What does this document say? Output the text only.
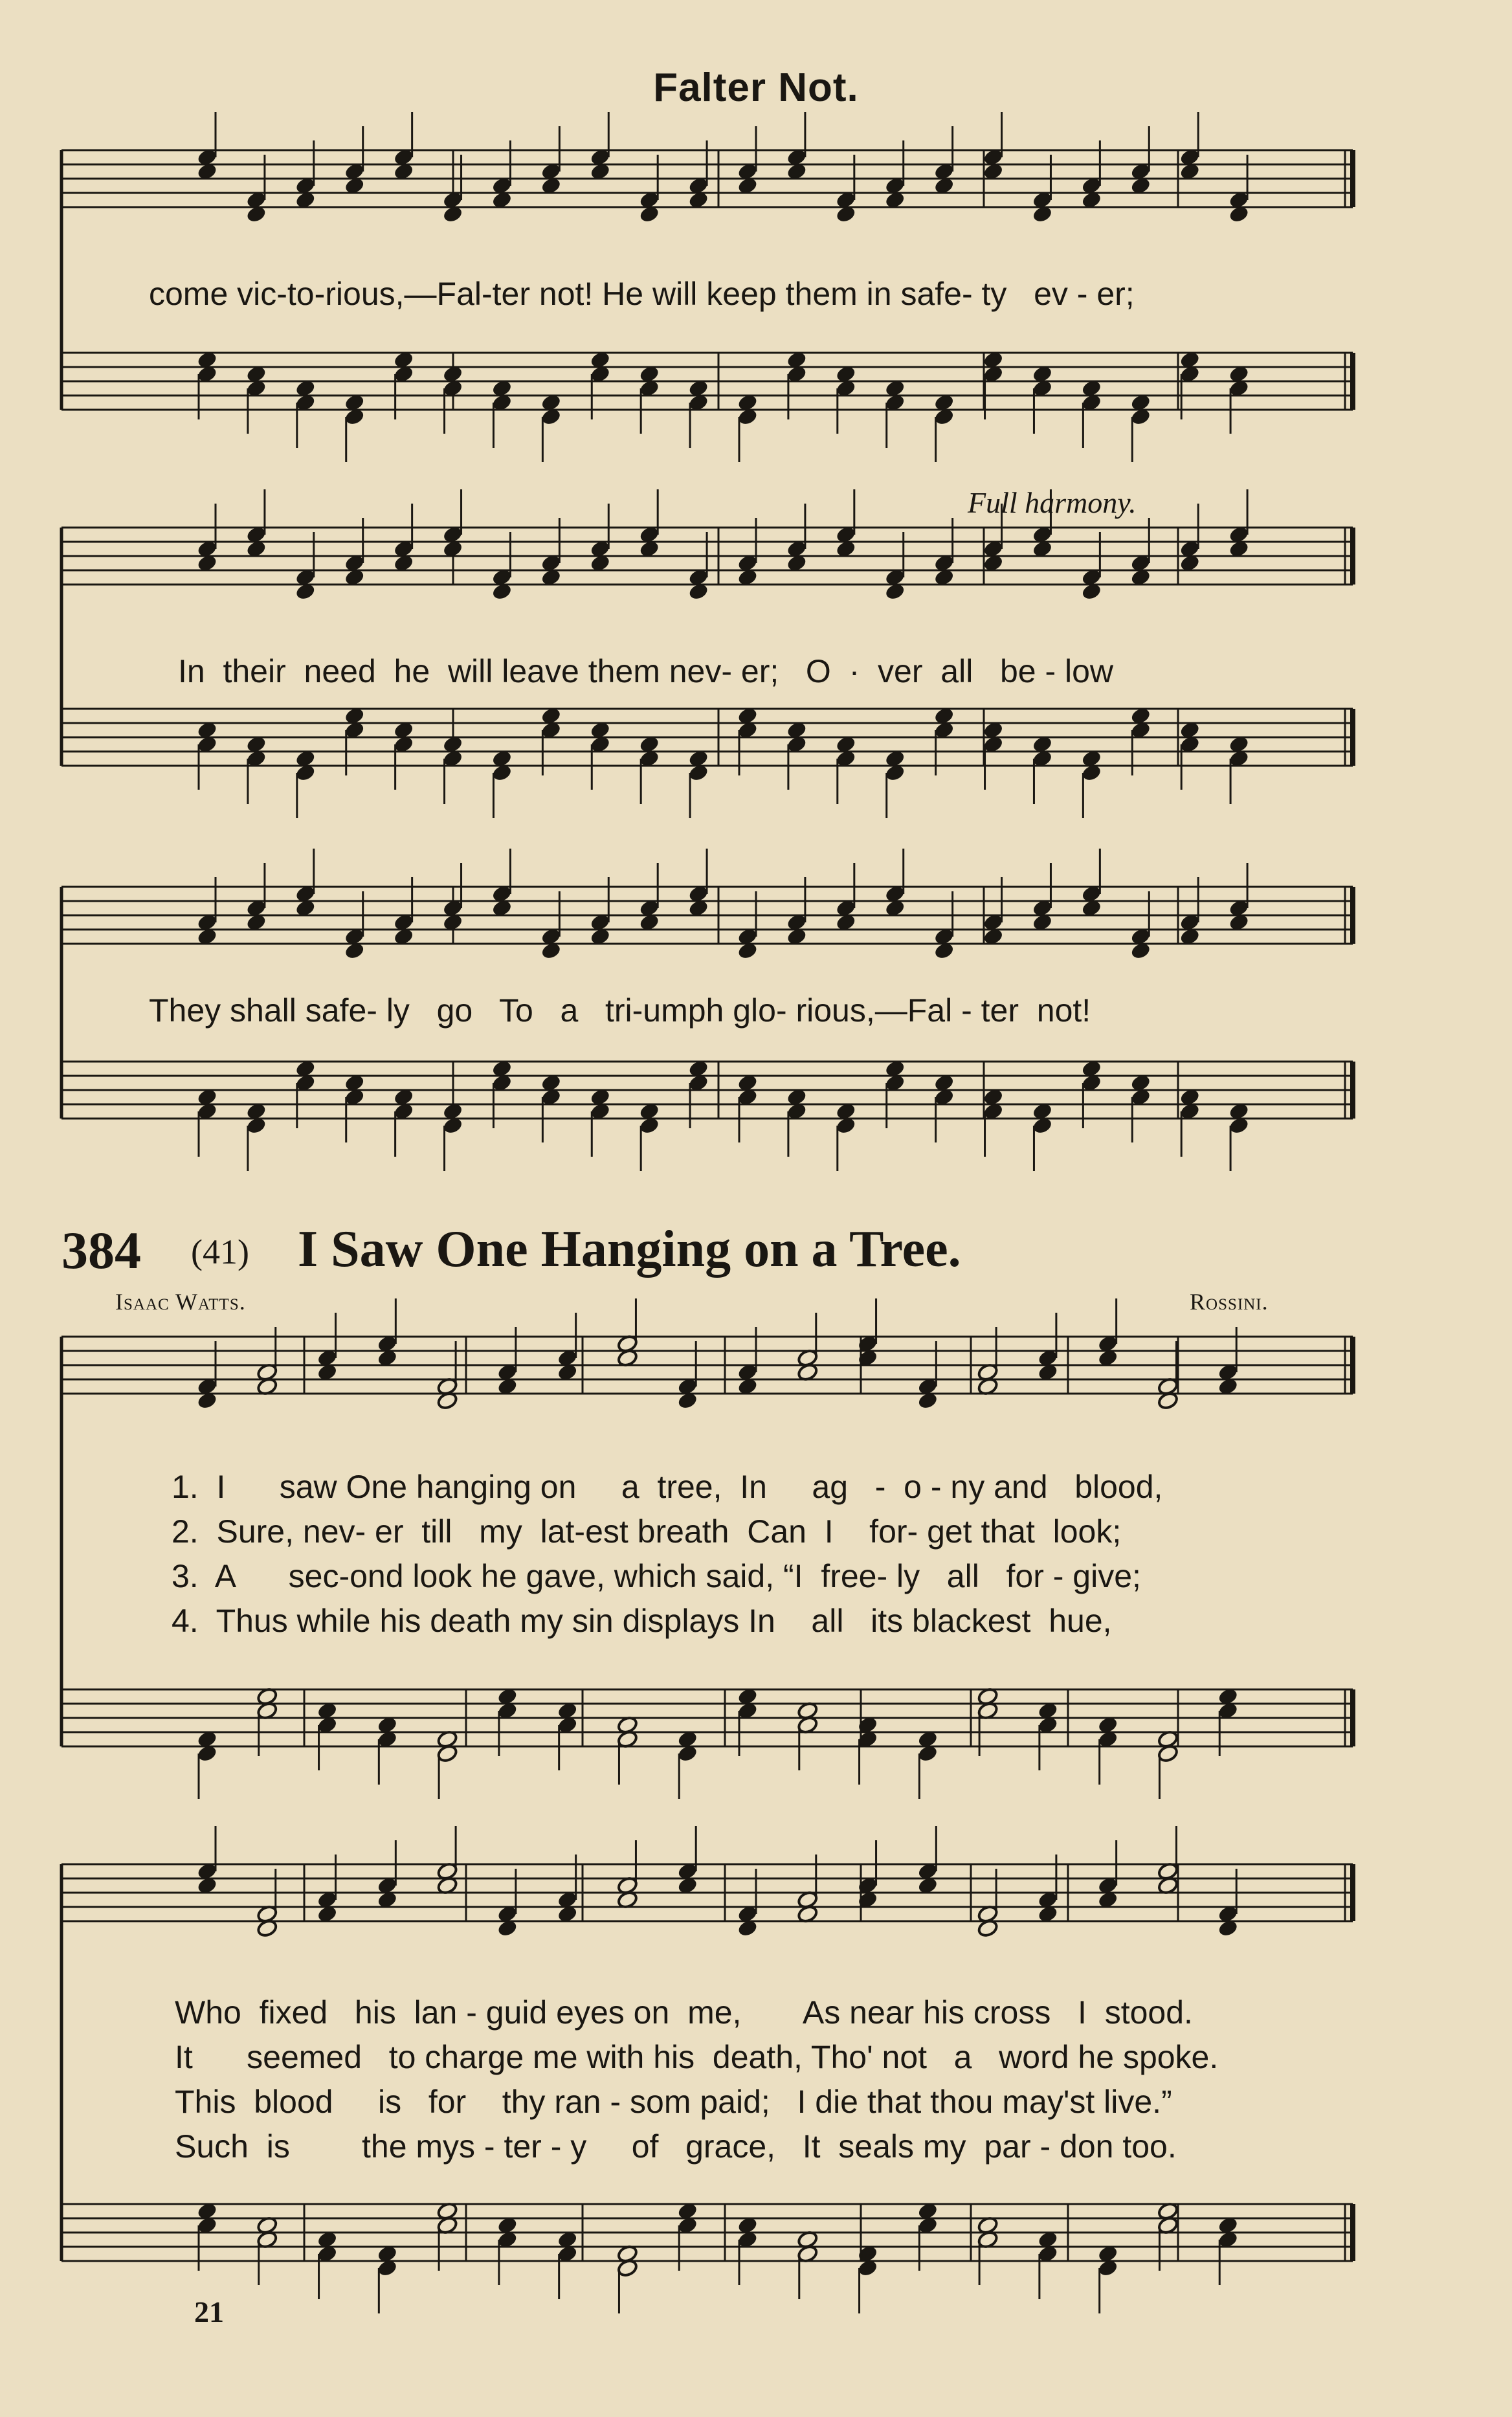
Falter Not.
come vic-to-rious,—Fal-ter not! He will keep them in safe- ty   ev - er;
Full harmony.
In  their  need  he  will leave them nev- er;   O  ·  ver  all   be - low
They shall safe- ly   go   To   a   tri-umph glo- rious,—Fal - ter  not!
384 (41) I Saw One Hanging on a Tree.
Isaac Watts.	Rossini.
1.  I      saw One hanging on     a  tree,  In     ag   -  o - ny and   blood,
2.  Sure, nev- er  till   my  lat-est breath  Can  I    for- get that  look;
3.  A      sec-ond look he gave, which said, “I  free- ly   all   for - give;
4.  Thus while his death my sin displays In    all   its blackest  hue,
Who  fixed   his  lan - guid eyes on  me,       As near his cross   I  stood.
It      seemed   to charge me with his  death, Tho' not   a   word he spoke.
This  blood     is   for    thy ran - som paid;   I die that thou may'st live.”
Such  is        the mys - ter - y     of   grace,   It  seals my  par - don too.
21
